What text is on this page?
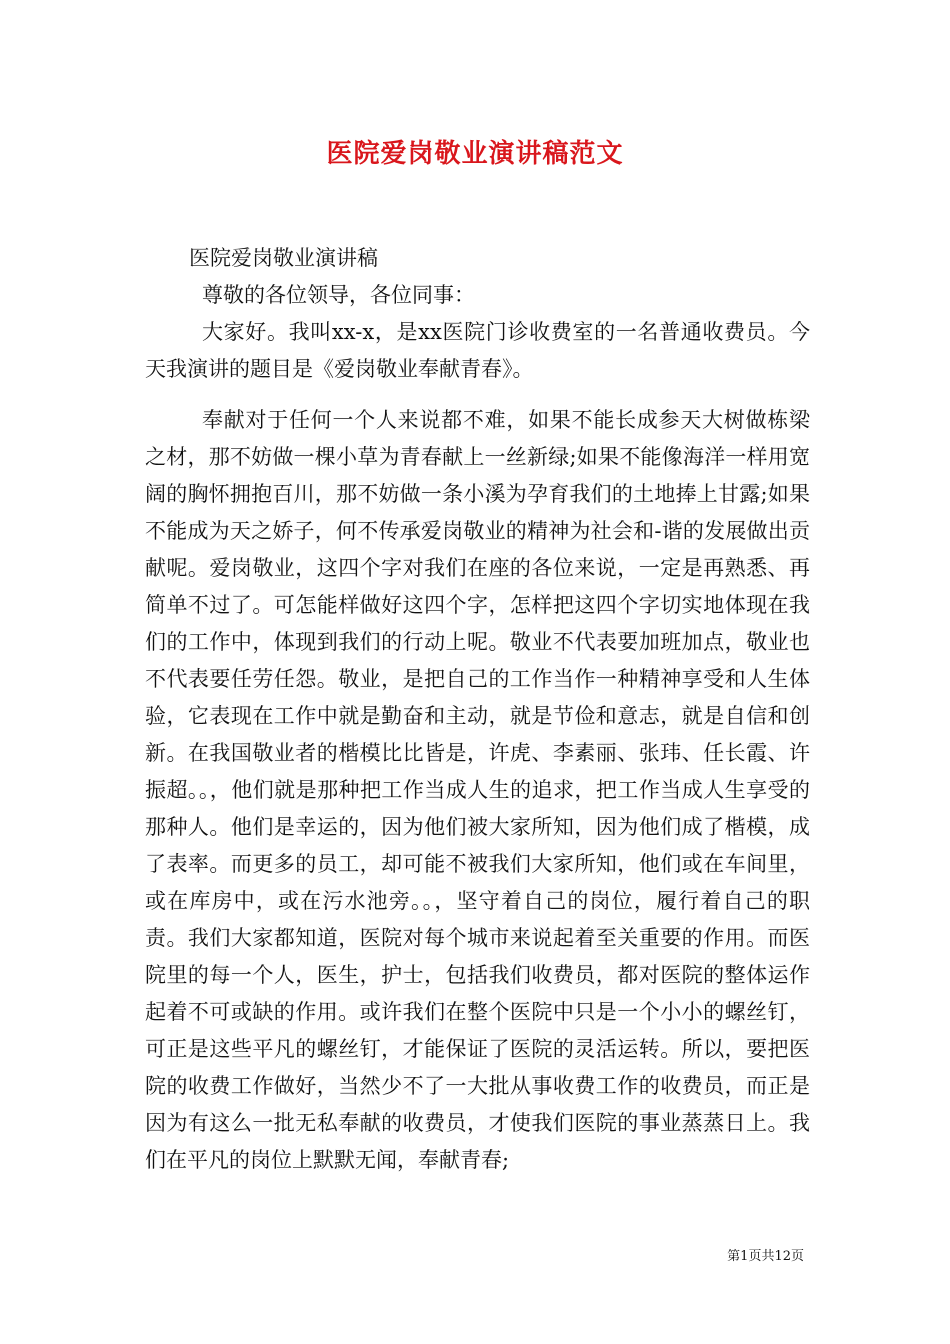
医院爱岗敬业演讲稿范文
医院爱岗敬业演讲稿
尊敬的各位领导，各位同事：

大家好。我叫xx-x，是xx医院门诊收费室的一名普通收费员。今天我演讲的题目是《爱岗敬业奉献青春》。

奉献对于任何一个人来说都不难，如果不能长成参天大树做栋梁之材，那不妨做一棵小草为青春献上一丝新绿;如果不能像海洋一样用宽阔的胸怀拥抱百川，那不妨做一条小溪为孕育我们的土地捧上甘露;如果不能成为天之娇子，何不传承爱岗敬业的精神为社会和-谐的发展做出贡献呢。爱岗敬业，这四个字对我们在座的各位来说，一定是再熟悉、再简单不过了。可怎能样做好这四个字，怎样把这四个字切实地体现在我们的工作中，体现到我们的行动上呢。敬业不代表要加班加点，敬业也不代表要任劳任怨。敬业，是把自己的工作当作一种精神享受和人生体验，它表现在工作中就是勤奋和主动，就是节俭和意志，就是自信和创新。在我国敬业者的楷模比比皆是，许虎、李素丽、张玮、任长霞、许振超。。，他们就是那种把工作当成人生的追求，把工作当成人生享受的那种人。他们是幸运的，因为他们被大家所知，因为他们成了楷模，成了表率。而更多的员工，却可能不被我们大家所知，他们或在车间里，或在库房中，或在污水池旁。。，坚守着自己的岗位，履行着自己的职责。我们大家都知道，医院对每个城市来说起着至关重要的作用。而医院里的每一个人，医生，护士，包括我们收费员，都对医院的整体运作起着不可或缺的作用。或许我们在整个医院中只是一个小小的螺丝钉，可正是这些平凡的螺丝钉，才能保证了医院的灵活运转。所以，要把医院的收费工作做好，当然少不了一大批从事收费工作的收费员，而正是因为有这么一批无私奉献的收费员，才使我们医院的事业蒸蒸日上。我们在平凡的岗位上默默无闻，奉献青春;

第1页共12页
